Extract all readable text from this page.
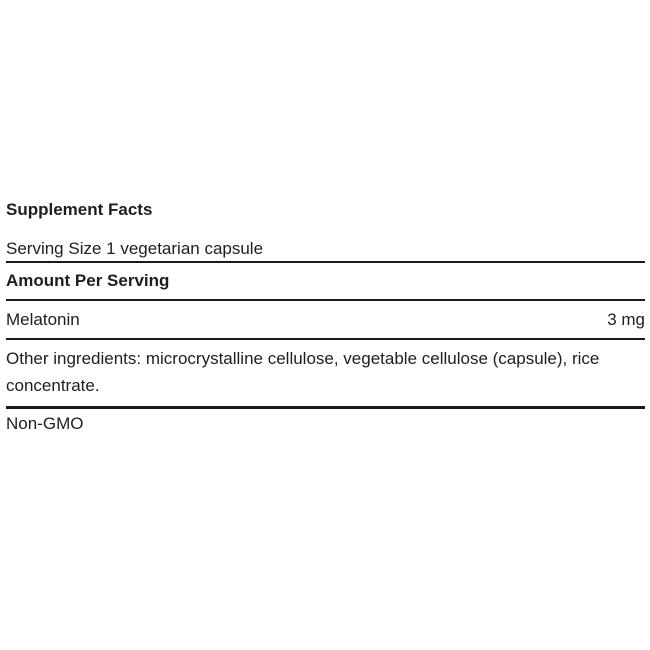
Supplement Facts
Serving Size 1 vegetarian capsule
Amount Per Serving
Melatonin	3 mg
Other ingredients: microcrystalline cellulose, vegetable cellulose (capsule), rice concentrate.
Non-GMO
